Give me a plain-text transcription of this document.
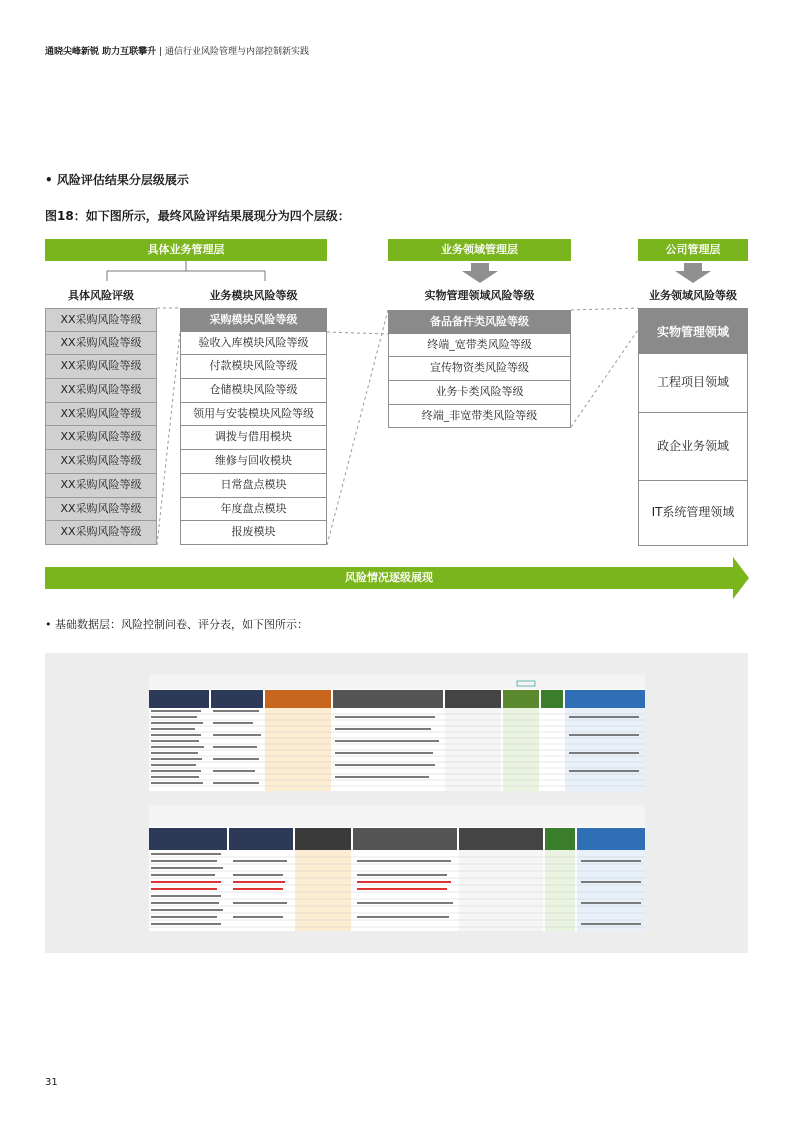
通晓尖峰新锐 助力互联攀升 | 通信行业风险管理与内部控制新实践
• 风险评估结果分层级展示
图18：如下图所示，最终风险评结果展现分为四个层级：
具体业务管理层	业务领域管理层	公司管理层
具体风险评级	业务模块风险等级	实物管理领域风险等级	业务领域风险等级
XX采购风险等级
XX采购风险等级
XX采购风险等级
XX采购风险等级
XX采购风险等级
XX采购风险等级
XX采购风险等级
XX采购风险等级
XX采购风险等级
XX采购风险等级
采购模块风险等级
验收入库模块风险等级
付款模块风险等级
仓储模块风险等级
领用与安装模块风险等级
调拨与借用模块
维修与回收模块
日常盘点模块
年度盘点模块
报废模块
备品备件类风险等级
终端_宽带类风险等级
宣传物资类风险等级
业务卡类风险等级
终端_非宽带类风险等级
实物管理领域
工程项目领域
政企业务领域
IT系统管理领域
风险情况逐级展现
• 基础数据层：风险控制问卷、评分表，如下图所示：
31
